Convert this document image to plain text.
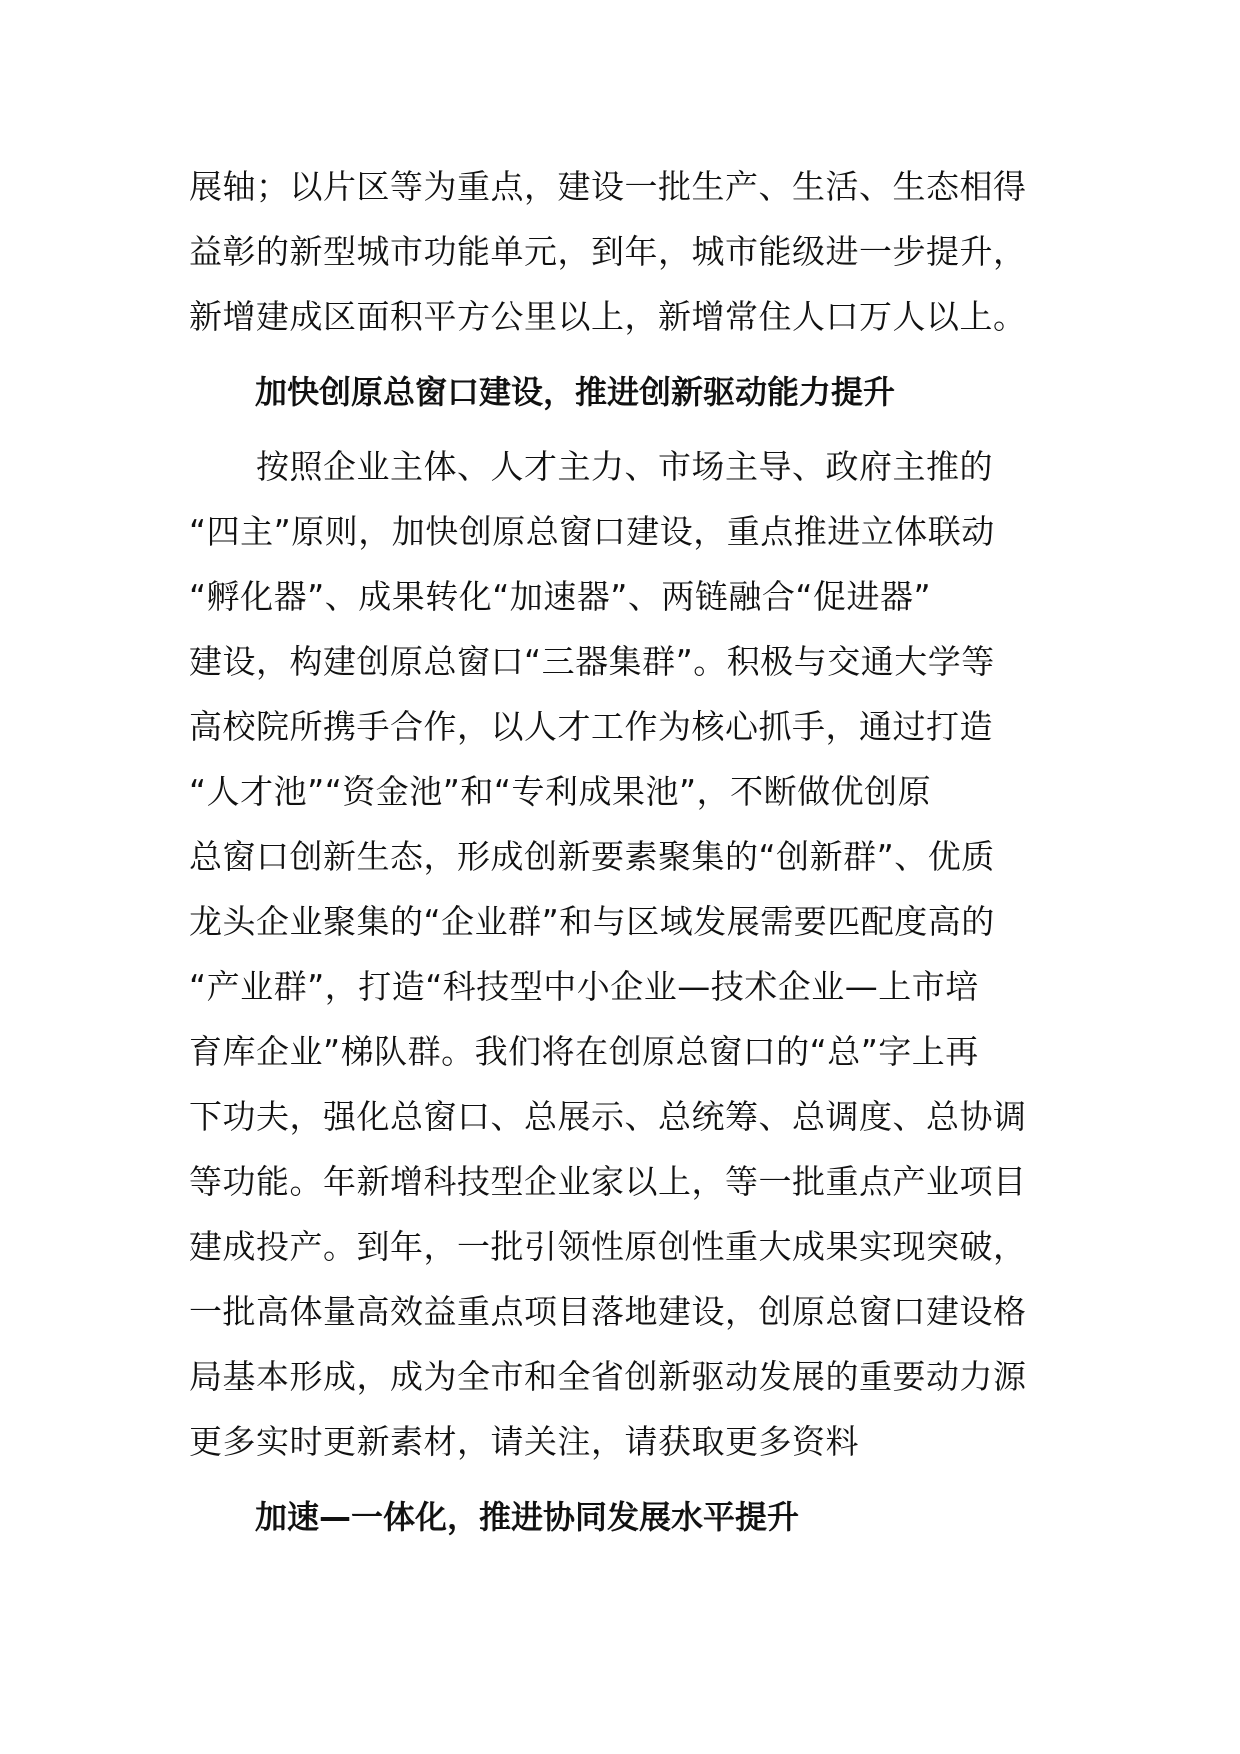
展轴；以片区等为重点，建设一批生产、生活、生态相得
益彰的新型城市功能单元，到年，城市能级进一步提升，
新增建成区面积平方公里以上，新增常住人口万人以上。
加快创原总窗口建设，推进创新驱动能力提升
　　按照企业主体、人才主力、市场主导、政府主推的
“四主”原则，加快创原总窗口建设，重点推进立体联动
“孵化器”、成果转化“加速器”、两链融合“促进器”
建设，构建创原总窗口“三器集群”。积极与交通大学等
高校院所携手合作，以人才工作为核心抓手，通过打造
“人才池”“资金池”和“专利成果池”，不断做优创原
总窗口创新生态，形成创新要素聚集的“创新群”、优质
龙头企业聚集的“企业群”和与区域发展需要匹配度高的
“产业群”，打造“科技型中小企业—技术企业—上市培
育库企业”梯队群。我们将在创原总窗口的“总”字上再
下功夫，强化总窗口、总展示、总统筹、总调度、总协调
等功能。年新增科技型企业家以上，等一批重点产业项目
建成投产。到年，一批引领性原创性重大成果实现突破，
一批高体量高效益重点项目落地建设，创原总窗口建设格
局基本形成，成为全市和全省创新驱动发展的重要动力源
更多实时更新素材，请关注，请获取更多资料
加速—一体化，推进协同发展水平提升
